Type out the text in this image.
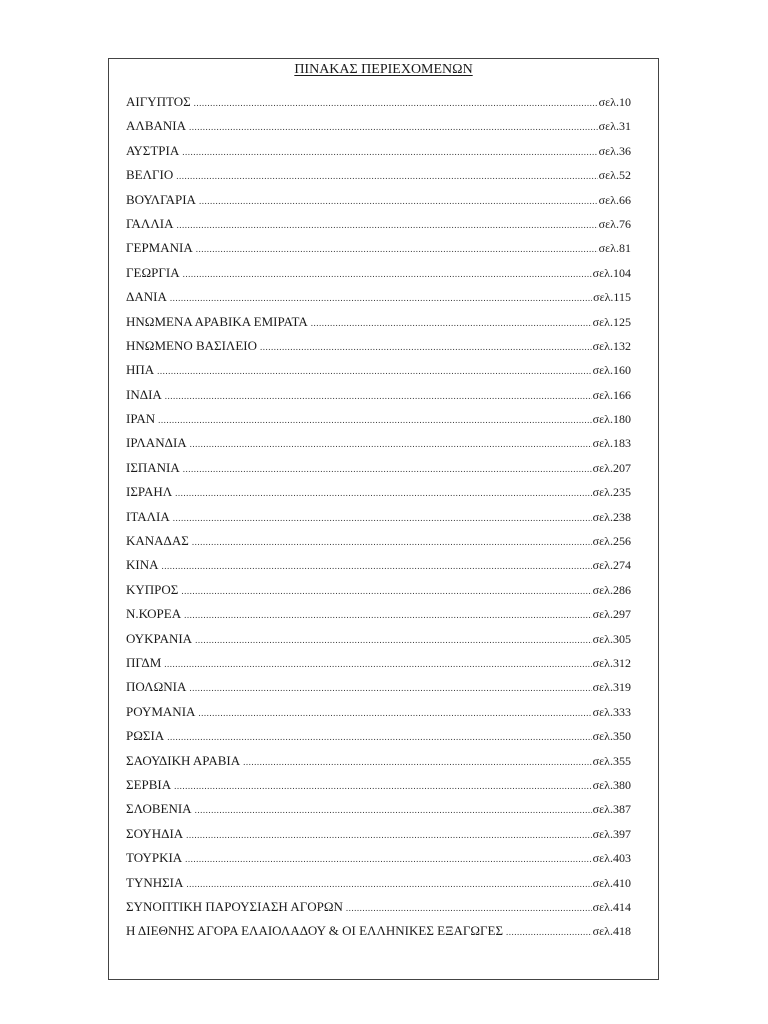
ΠΙΝΑΚΑΣ ΠΕΡΙΕΧΟΜΕΝΩΝ
ΑΙΓΥΠΤΟΣ .....	σελ.10
ΑΛΒΑΝΙΑ .....	σελ.31
ΑΥΣΤΡΙΑ .....	σελ.36
ΒΕΛΓΙΟ .....	σελ.52
ΒΟΥΛΓΑΡΙΑ .....	σελ.66
ΓΑΛΛΙΑ .....	σελ.76
ΓΕΡΜΑΝΙΑ .....	σελ.81
ΓΕΩΡΓΙΑ .....	σελ.104
ΔΑΝΙΑ .....	σελ.115
ΗΝΩΜΕΝΑ ΑΡΑΒΙΚΑ ΕΜΙΡΑΤΑ .....	σελ.125
ΗΝΩΜΕΝΟ ΒΑΣΙΛΕΙΟ .....	σελ.132
ΗΠΑ .....	σελ.160
ΙΝΔΙΑ .....	σελ.166
ΙΡΑΝ .....	σελ.180
ΙΡΛΑΝΔΙΑ .....	σελ.183
ΙΣΠΑΝΙΑ .....	σελ.207
ΙΣΡΑΗΛ .....	σελ.235
ΙΤΑΛΙΑ .....	σελ.238
ΚΑΝΑΔΑΣ .....	σελ.256
ΚΙΝΑ .....	σελ.274
ΚΥΠΡΟΣ .....	σελ.286
Ν.ΚΟΡΕΑ .....	σελ.297
ΟΥΚΡΑΝΙΑ .....	σελ.305
ΠΓΔΜ .....	σελ.312
ΠΟΛΩΝΙΑ .....	σελ.319
ΡΟΥΜΑΝΙΑ .....	σελ.333
ΡΩΣΙΑ .....	σελ.350
ΣΑΟΥΔΙΚΗ ΑΡΑΒΙΑ .....	σελ.355
ΣΕΡΒΙΑ .....	σελ.380
ΣΛΟΒΕΝΙΑ .....	σελ.387
ΣΟΥΗΔΙΑ .....	σελ.397
ΤΟΥΡΚΙΑ .....	σελ.403
ΤΥΝΗΣΙΑ .....	σελ.410
ΣΥΝΟΠΤΙΚΗ ΠΑΡΟΥΣΙΑΣΗ ΑΓΟΡΩΝ .....	σελ.414
Η ΔΙΕΘΝΗΣ ΑΓΟΡΑ ΕΛΑΙΟΛΑΔΟΥ & ΟΙ ΕΛΛΗΝΙΚΕΣ ΕΞΑΓΩΓΕΣ .....	σελ.418
